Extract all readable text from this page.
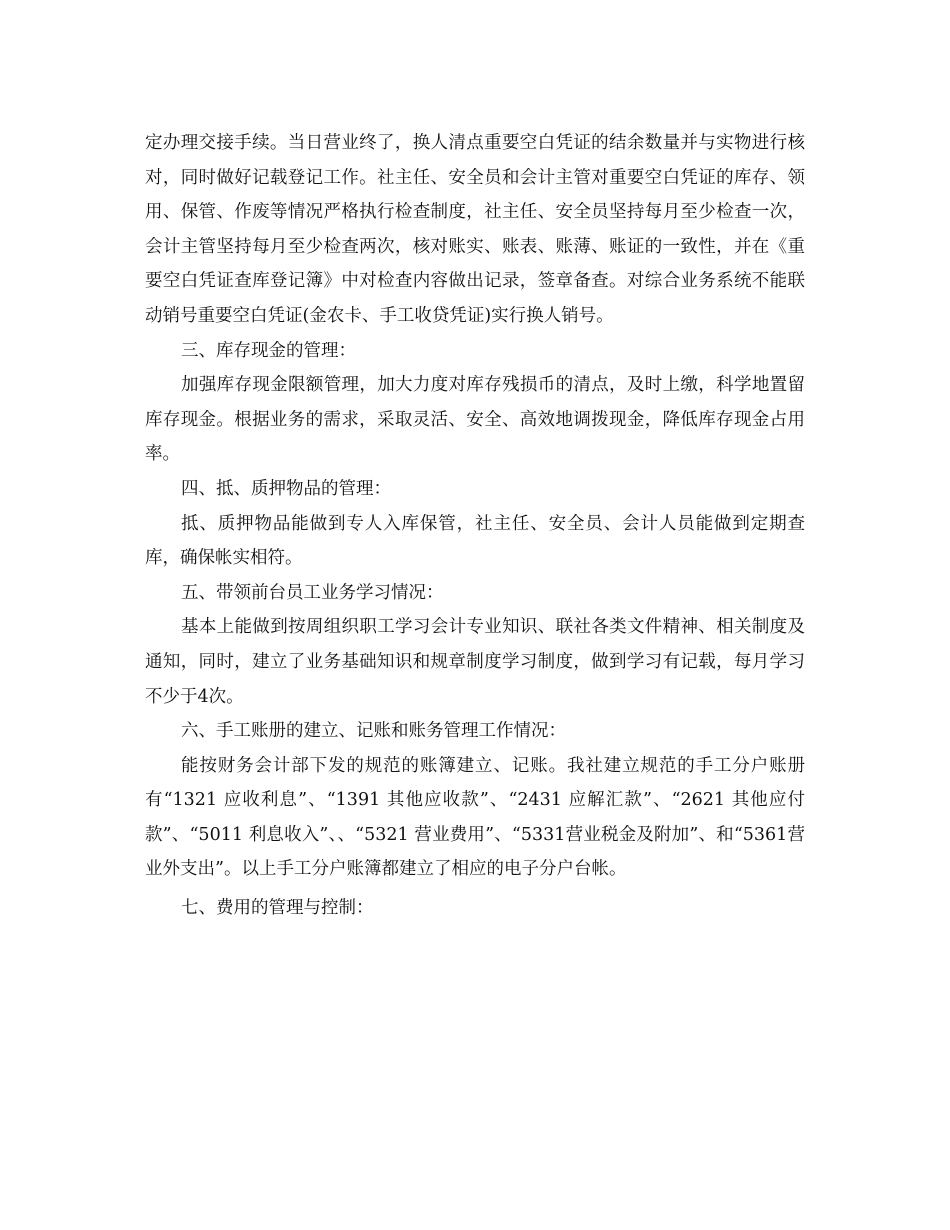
定办理交接手续。当日营业终了，换人清点重要空白凭证的结余数量并与实物进行核对，同时做好记载登记工作。社主任、安全员和会计主管对重要空白凭证的库存、领用、保管、作废等情况严格执行检查制度，社主任、安全员坚持每月至少检查一次，会计主管坚持每月至少检查两次，核对账实、账表、账薄、账证的一致性，并在《重要空白凭证查库登记簿》中对检查内容做出记录，签章备查。对综合业务系统不能联动销号重要空白凭证(金农卡、手工收贷凭证)实行换人销号。

三、库存现金的管理：

加强库存现金限额管理，加大力度对库存残损币的清点，及时上缴，科学地置留库存现金。根据业务的需求，采取灵活、安全、高效地调拨现金，降低库存现金占用率。

四、抵、质押物品的管理：

抵、质押物品能做到专人入库保管，社主任、安全员、会计人员能做到定期查库，确保帐实相符。

五、带领前台员工业务学习情况：

基本上能做到按周组织职工学习会计专业知识、联社各类文件精神、相关制度及通知，同时，建立了业务基础知识和规章制度学习制度，做到学习有记载，每月学习不少于4次。

六、手工账册的建立、记账和账务管理工作情况：

能按财务会计部下发的规范的账簿建立、记账。我社建立规范的手工分户账册有“1321 应收利息”、“1391 其他应收款”、“2431 应解汇款”、“2621 其他应付款”、“5011 利息收入”、、“5321 营业费用”、“5331营业税金及附加”、和“5361营业外支出”。以上手工分户账簿都建立了相应的电子分户台帐。

七、费用的管理与控制：
